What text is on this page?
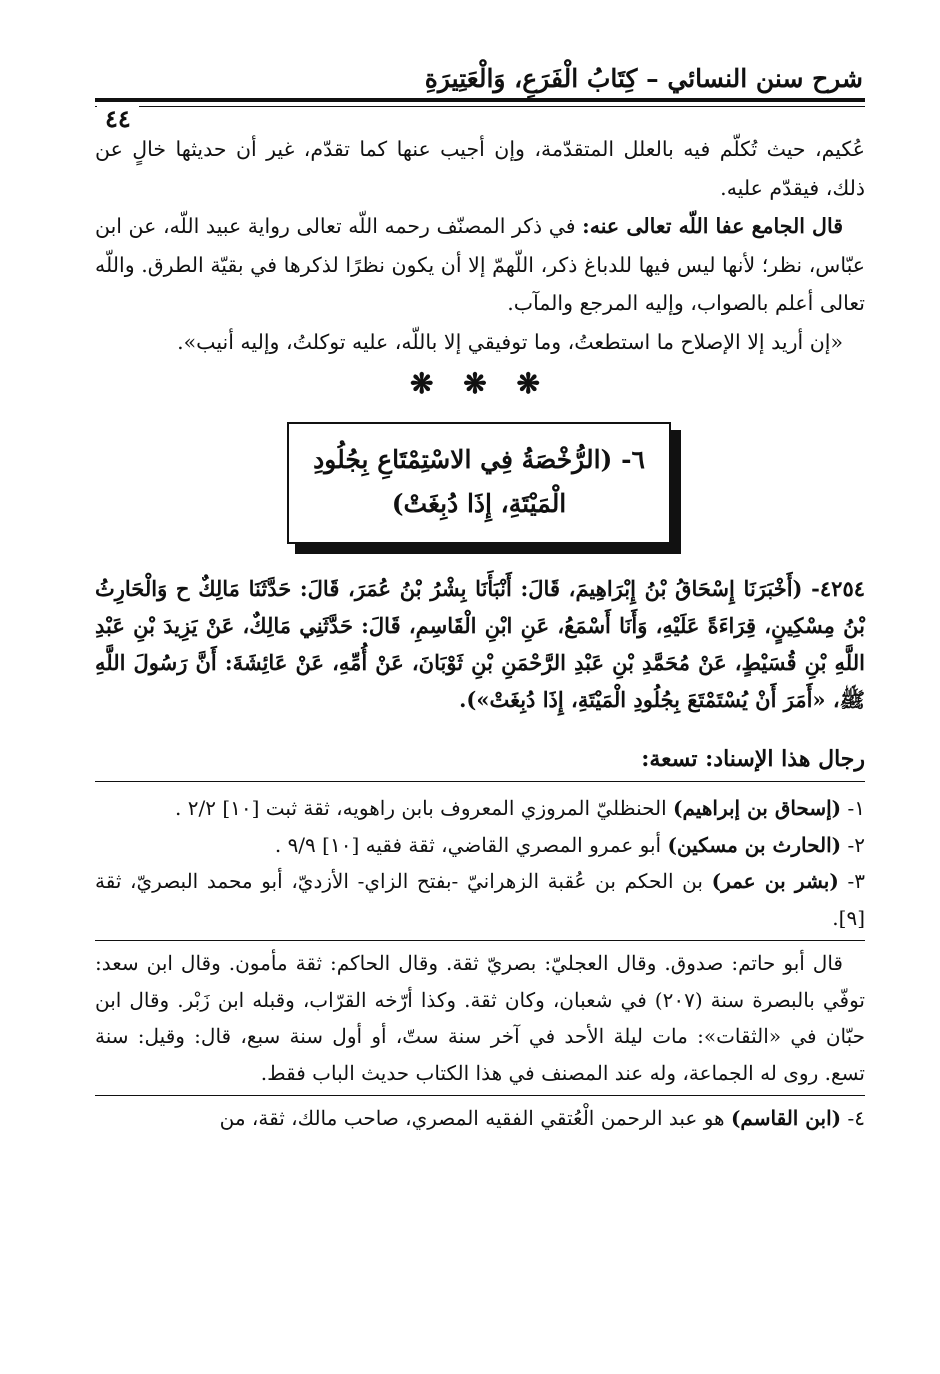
شرح سنن النسائي – كِتَابُ الْفَرَعِ، وَالْعَتِيرَةِ
٤٤

عُكيم، حيث تُكلّم فيه بالعلل المتقدّمة، وإن أجيب عنها كما تقدّم، غير أن حديثها خالٍ عن ذلك، فيقدّم عليه.

قال الجامع عفا اللّه تعالى عنه: في ذكر المصنّف رحمه اللّه تعالى رواية عبيد اللّه، عن ابن عبّاس، نظر؛ لأنها ليس فيها للدباغ ذكر، اللّهمّ إلا أن يكون نظرًا لذكرها في بقيّة الطرق. واللّه تعالى أعلم بالصواب، وإليه المرجع والمآب.

«إن أريد إلا الإصلاح ما استطعتُ، وما توفيقي إلا باللّه، عليه توكلتُ، وإليه أنيب».

❋ ❋ ❋
٦- (الرُّخْصَةُ فِي الاسْتِمْتَاعِ بِجُلُودِ الْمَيْتَةِ، إِذَا دُبِغَتْ)

٤٢٥٤- (أَخْبَرَنَا إِسْحَاقُ بْنُ إِبْرَاهِيمَ، قَالَ: أَنْبَأَنَا بِشْرُ بْنُ عُمَرَ، قَالَ: حَدَّثَنَا مَالِكٌ ح وَالْحَارِثُ بْنُ مِسْكِينٍ، قِرَاءَةً عَلَيْهِ، وَأَنَا أَسْمَعُ، عَنِ ابْنِ الْقَاسِمِ، قَالَ: حَدَّثَنِي مَالِكٌ، عَنْ يَزِيدَ بْنِ عَبْدِ اللَّهِ بْنِ قُسَيْطٍ، عَنْ مُحَمَّدِ بْنِ عَبْدِ الرَّحْمَنِ بْنِ ثَوْبَانَ، عَنْ أُمِّهِ، عَنْ عَائِشَةَ: أَنَّ رَسُولَ اللَّهِ ﷺ، «أَمَرَ أَنْ يُسْتَمْتَعَ بِجُلُودِ الْمَيْتَةِ، إِذَا دُبِغَتْ»).

رجال هذا الإسناد: تسعة:

١- (إسحاق بن إبراهيم) الحنظليّ المروزي المعروف بابن راهويه، ثقة ثبت [١٠] ٢/٢ .

٢- (الحارث بن مسكين) أبو عمرو المصري القاضي، ثقة فقيه [١٠] ٩/٩ .

٣- (بشر بن عمر) بن الحكم بن عُقبة الزهرانيّ -بفتح الزاي- الأزديّ، أبو محمد البصريّ، ثقة [٩].

قال أبو حاتم: صدوق. وقال العجليّ: بصريّ ثقة. وقال الحاكم: ثقة مأمون. وقال ابن سعد: توفّي بالبصرة سنة (٢٠٧) في شعبان، وكان ثقة. وكذا أرّخه القرّاب، وقبله ابن زَبْر. وقال ابن حبّان في «الثقات»: مات ليلة الأحد في آخر سنة ستّ، أو أول سنة سبع، قال: وقيل: سنة تسع. روى له الجماعة، وله عند المصنف في هذا الكتاب حديث الباب فقط.

٤- (ابن القاسم) هو عبد الرحمن الْعُتقي الفقيه المصري، صاحب مالك، ثقة، من
